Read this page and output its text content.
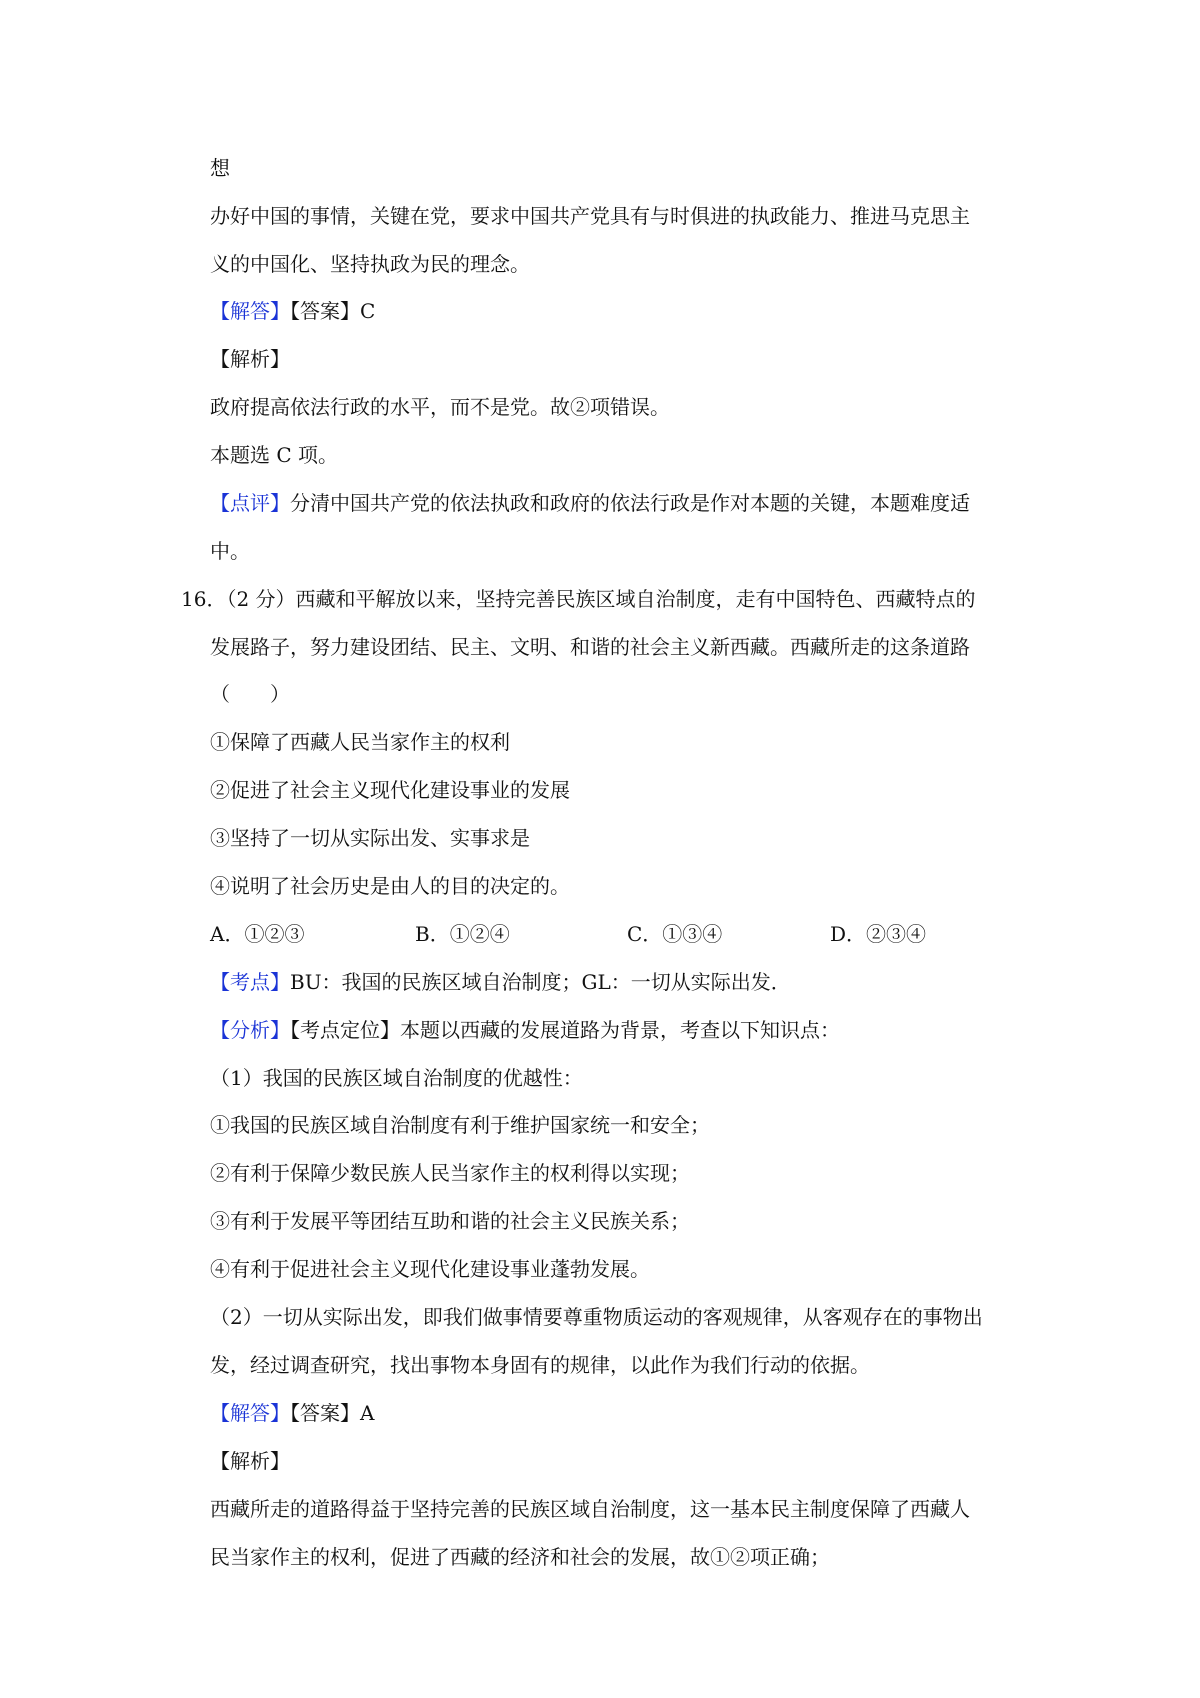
想
办好中国的事情，关键在党，要求中国共产党具有与时俱进的执政能力、推进马克思主
义的中国化、坚持执政为民的理念。
【解答】【答案】C
【解析】
政府提高依法行政的水平，而不是党。故②项错误。
本题选 C 项。
【点评】分清中国共产党的依法执政和政府的依法行政是作对本题的关键，本题难度适
中。
16．（2 分）西藏和平解放以来，坚持完善民族区域自治制度，走有中国特色、西藏特点的
发展路子，努力建设团结、民主、文明、和谐的社会主义新西藏。西藏所走的这条道路
（　　）
①保障了西藏人民当家作主的权利
②促进了社会主义现代化建设事业的发展
③坚持了一切从实际出发、实事求是
④说明了社会历史是由人的目的决定的。
A．①②③	B．①②④	C．①③④	D．②③④
【考点】BU：我国的民族区域自治制度；GL：一切从实际出发．
【分析】【考点定位】本题以西藏的发展道路为背景，考查以下知识点：
（1）我国的民族区域自治制度的优越性：
①我国的民族区域自治制度有利于维护国家统一和安全；
②有利于保障少数民族人民当家作主的权利得以实现；
③有利于发展平等团结互助和谐的社会主义民族关系；
④有利于促进社会主义现代化建设事业蓬勃发展。
（2）一切从实际出发，即我们做事情要尊重物质运动的客观规律，从客观存在的事物出
发，经过调查研究，找出事物本身固有的规律，以此作为我们行动的依据。
【解答】【答案】A
【解析】
西藏所走的道路得益于坚持完善的民族区域自治制度，这一基本民主制度保障了西藏人
民当家作主的权利，促进了西藏的经济和社会的发展，故①②项正确；
